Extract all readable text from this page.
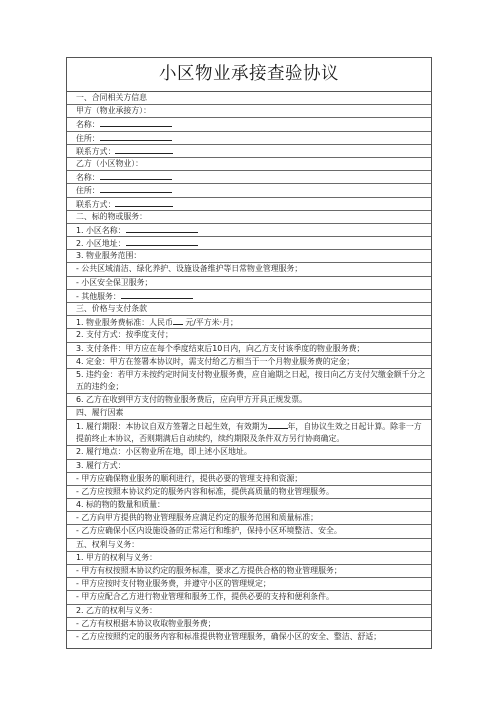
小区物业承接查验协议
一、合同相关方信息
甲方（物业承接方）：
名称：
住所：
联系方式：
乙方（小区物业）：
名称：
住所：
联系方式：
二、标的物或服务：
1. 小区名称：
2. 小区地址：
3. 物业服务范围：
- 公共区域清洁、绿化养护、设施设备维护等日常物业管理服务；
- 小区安全保卫服务；
- 其他服务：
三、价格与支付条款
1. 物业服务费标准：人民币 元/平方米·月；
2. 支付方式：按季度支付；
3. 支付条件：甲方应在每个季度结束后10日内，向乙方支付该季度的物业服务费；
4. 定金：甲方在签署本协议时，需支付给乙方相当于一个月物业服务费的定金；
5. 违约金：若甲方未按约定时间支付物业服务费，应自逾期之日起，按日向乙方支付欠缴金额千分之五的违约金；
6. 乙方在收到甲方支付的物业服务费后，应向甲方开具正规发票。
四、履行因素
1. 履行期限：本协议自双方签署之日起生效，有效期为	年，自协议生效之日起计算。除非一方提前终止本协议，否则期满后自动续约，续约期限及条件双方另行协商确定。
2. 履行地点：小区物业所在地，即上述小区地址。
3. 履行方式：
- 甲方应确保物业服务的顺利进行，提供必要的管理支持和资源；
- 乙方应按照本协议约定的服务内容和标准，提供高质量的物业管理服务。
4. 标的物的数量和质量：
- 乙方向甲方提供的物业管理服务应满足约定的服务范围和质量标准；
- 乙方应确保小区内设施设备的正常运行和维护，保持小区环境整洁、安全。
五、权利与义务：
1. 甲方的权利与义务：
- 甲方有权按照本协议约定的服务标准，要求乙方提供合格的物业管理服务；
- 甲方应按时支付物业服务费，并遵守小区的管理规定；
- 甲方应配合乙方进行物业管理和服务工作，提供必要的支持和便利条件。
2. 乙方的权利与义务：
- 乙方有权根据本协议收取物业服务费；
- 乙方应按照约定的服务内容和标准提供物业管理服务，确保小区的安全、整洁、舒适；
